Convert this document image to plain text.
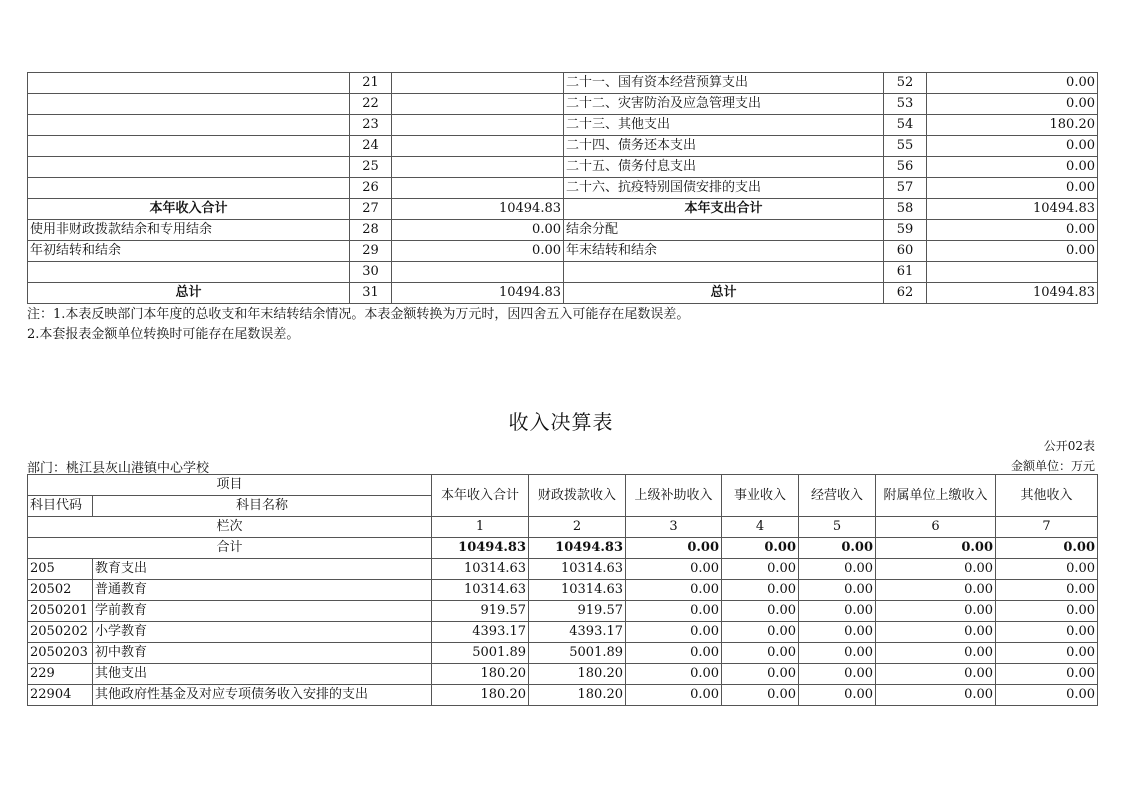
	21		二十一、国有资本经营预算支出	52	0.00
	22		二十二、灾害防治及应急管理支出	53	0.00
	23		二十三、其他支出	54	180.20
	24		二十四、债务还本支出	55	0.00
	25		二十五、债务付息支出	56	0.00
	26		二十六、抗疫特别国债安排的支出	57	0.00
本年收入合计	27	10494.83	本年支出合计	58	10494.83
使用非财政拨款结余和专用结余	28	0.00	结余分配	59	0.00
年初结转和结余	29	0.00	年末结转和结余	60	0.00
	30			61	
总计	31	10494.83	总计	62	10494.83
注：1.本表反映部门本年度的总收支和年末结转结余情况。本表金额转换为万元时，因四舍五入可能存在尾数误差。
2.本套报表金额单位转换时可能存在尾数误差。
收入决算表
公开02表
部门：桃江县灰山港镇中心学校	金额单位：万元
项目		本年收入合计	财政拨款收入	上级补助收入	事业收入	经营收入	附属单位上缴收入	其他收入
科目代码	科目名称							
栏次		1	2	3	4	5	6	7
合计		10494.83	10494.83	0.00	0.00	0.00	0.00	0.00
205	教育支出	10314.63	10314.63	0.00	0.00	0.00	0.00	0.00
20502	普通教育	10314.63	10314.63	0.00	0.00	0.00	0.00	0.00
2050201	学前教育	919.57	919.57	0.00	0.00	0.00	0.00	0.00
2050202	小学教育	4393.17	4393.17	0.00	0.00	0.00	0.00	0.00
2050203	初中教育	5001.89	5001.89	0.00	0.00	0.00	0.00	0.00
229	其他支出	180.20	180.20	0.00	0.00	0.00	0.00	0.00
22904	其他政府性基金及对应专项债务收入安排的支出	180.20	180.20	0.00	0.00	0.00	0.00	0.00
